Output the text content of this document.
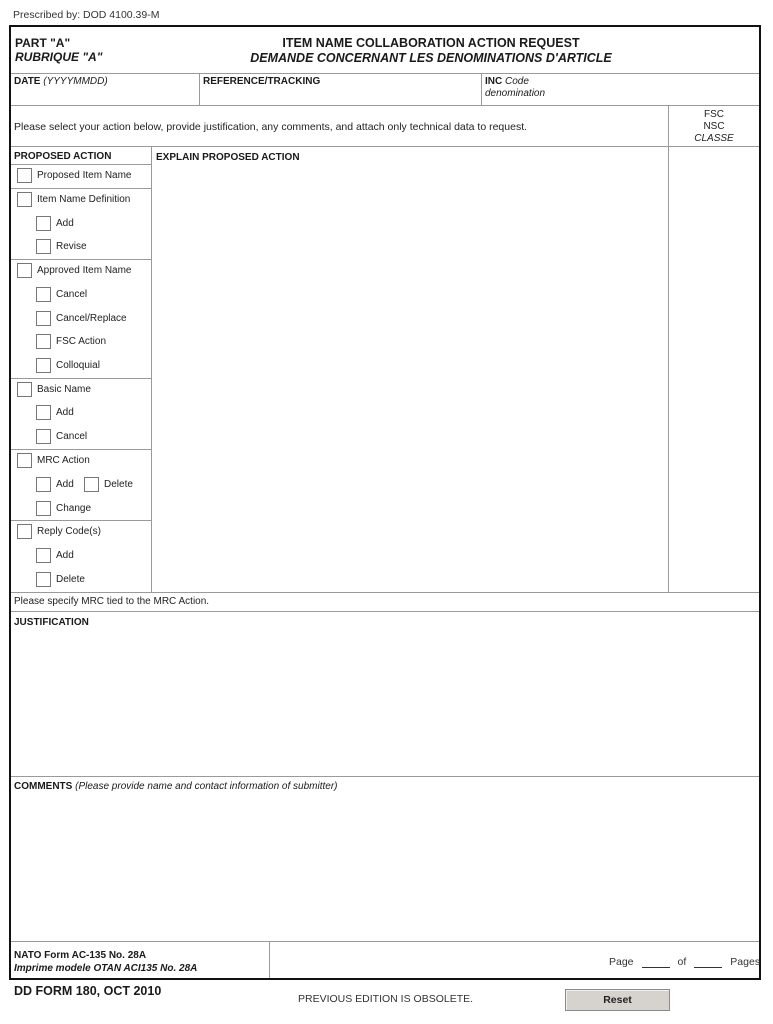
Prescribed by: DOD 4100.39-M
PART "A"
RUBRIQUE "A"
ITEM NAME COLLABORATION ACTION REQUEST
DEMANDE CONCERNANT LES DENOMINATIONS D'ARTICLE
DATE (YYYYMMDD)	REFERENCE/TRACKING	INC Code
denomination
Please select your action below, provide justification, any comments, and attach only technical data to request.
FSC
NSC
CLASSE
PROPOSED ACTION	EXPLAIN PROPOSED ACTION
Proposed Item Name
Item Name Definition
Add
Revise
Approved Item Name
Cancel
Cancel/Replace
FSC Action
Colloquial
Basic Name
Add
Cancel
MRC Action
Add	Delete
Change
Reply Code(s)
Add
Delete
Please specify MRC tied to the MRC Action.
JUSTIFICATION
COMMENTS (Please provide name and contact information of submitter)
NATO Form AC-135 No. 28A
Imprime modele OTAN ACI135 No. 28A
Page	of	Pages
DD FORM 180, OCT 2010
PREVIOUS EDITION IS OBSOLETE.	Reset
